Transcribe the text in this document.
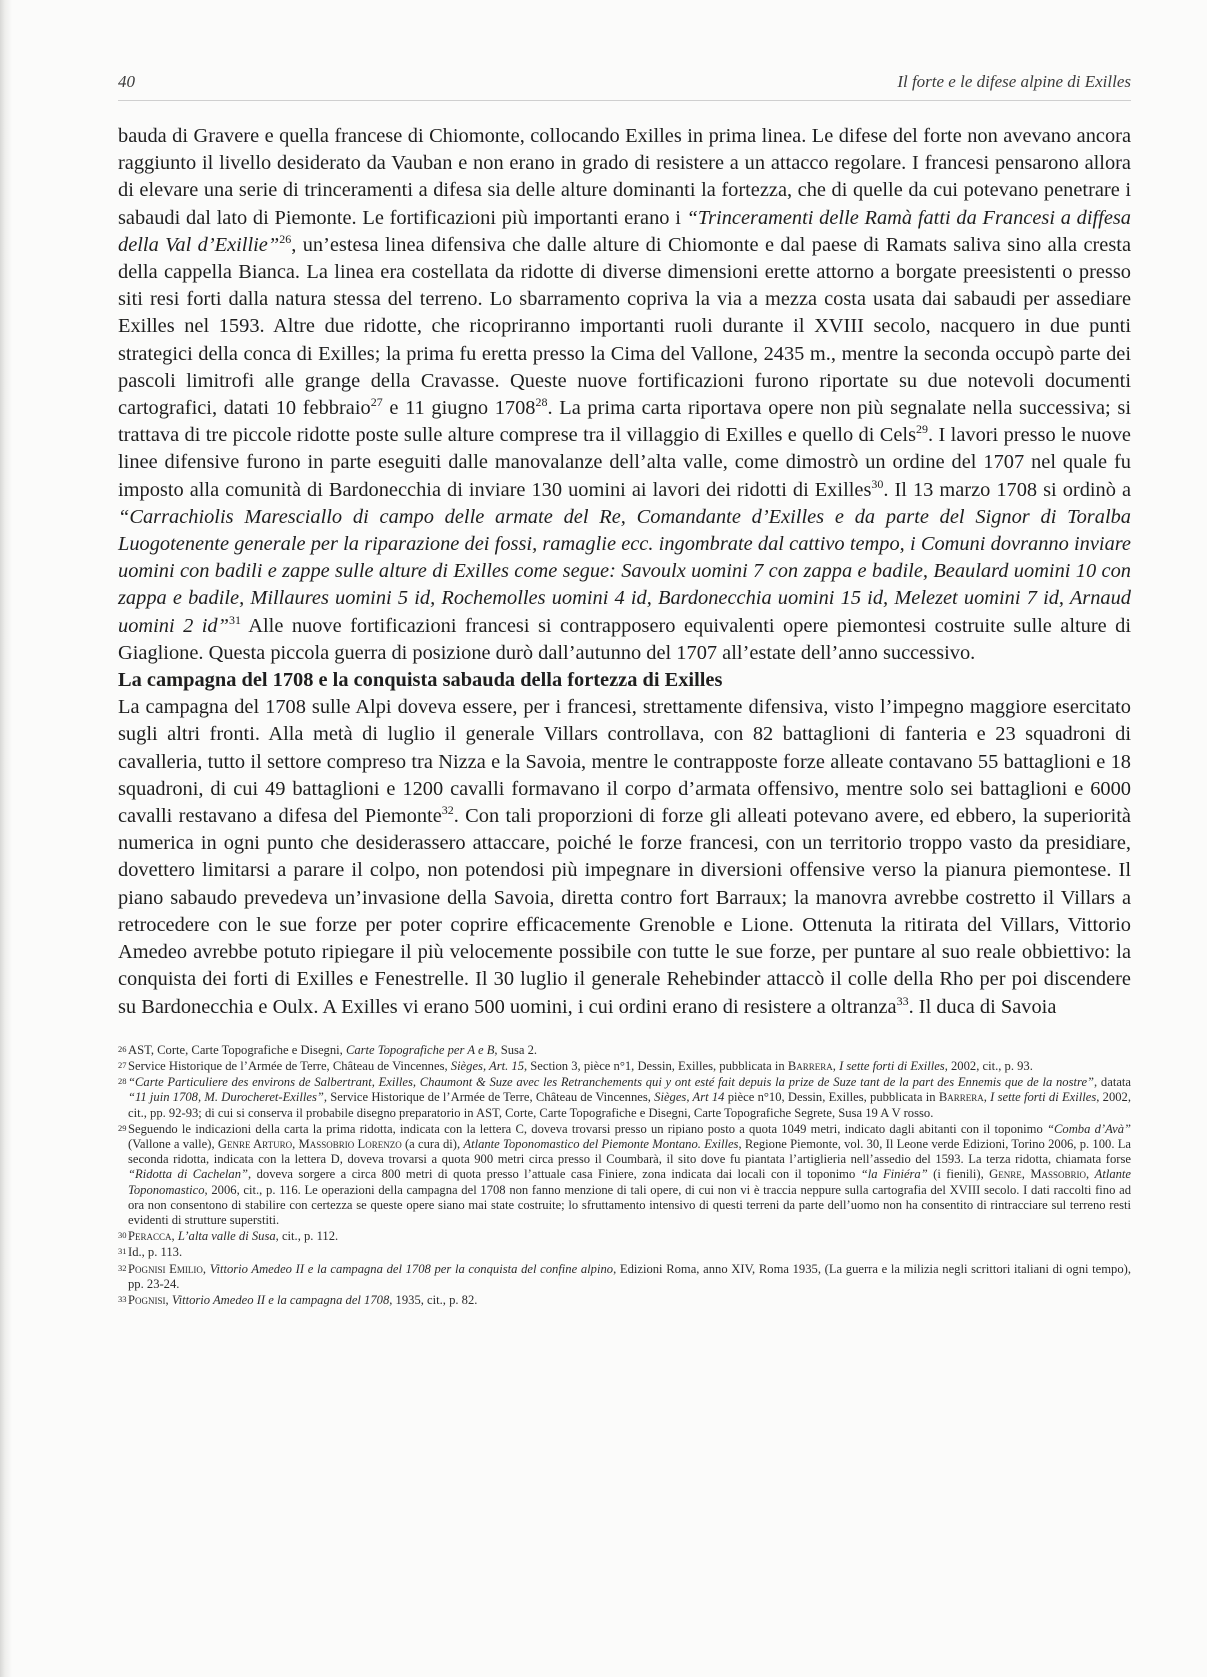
40	Il forte e le difese alpine di Exilles

bauda di Gravere e quella francese di Chiomonte, collocando Exilles in prima linea. Le difese del forte non avevano ancora raggiunto il livello desiderato da Vauban e non erano in grado di resistere a un attacco regolare. I francesi pensarono allora di elevare una serie di trinceramenti a difesa sia delle alture dominanti la fortezza, che di quelle da cui potevano penetrare i sabaudi dal lato di Piemonte. Le fortificazioni più importanti erano i “Trinceramenti delle Ramà fatti da Francesi a diffesa della Val d’Exillie”$^{26}$, un’estesa linea difensiva che dalle alture di Chiomonte e dal paese di Ramats saliva sino alla cresta della cappella Bianca. La linea era costellata da ridotte di diverse dimensioni erette attorno a borgate preesistenti o presso siti resi forti dalla natura stessa del terreno. Lo sbarramento copriva la via a mezza costa usata dai sabaudi per assediare Exilles nel 1593. Altre due ridotte, che ricopriranno importanti ruoli durante il XVIII secolo, nacquero in due punti strategici della conca di Exilles; la prima fu eretta presso la Cima del Vallone, 2435 m., mentre la seconda occupò parte dei pascoli limitrofi alle grange della Cravasse. Queste nuove fortificazioni furono riportate su due notevoli documenti cartografici, datati 10 febbraio$^{27}$ e 11 giugno 1708$^{28}$. La prima carta riportava opere non più segnalate nella successiva; si trattava di tre piccole ridotte poste sulle alture comprese tra il villaggio di Exilles e quello di Cels$^{29}$. I lavori presso le nuove linee difensive furono in parte eseguiti dalle manovalanze dell’alta valle, come dimostrò un ordine del 1707 nel quale fu imposto alla comunità di Bardonecchia di inviare 130 uomini ai lavori dei ridotti di Exilles$^{30}$. Il 13 marzo 1708 si ordinò a “Carrachiolis Maresciallo di campo delle armate del Re, Comandante d’Exilles e da parte del Signor di Toralba Luogotenente generale per la riparazione dei fossi, ramaglie ecc. ingombrate dal cattivo tempo, i Comuni dovranno inviare uomini con badili e zappe sulle alture di Exilles come segue: Savoulx uomini 7 con zappa e badile, Beaulard uomini 10 con zappa e badile, Millaures uomini 5 id, Rochemolles uomini 4 id, Bardonecchia uomini 15 id, Melezet uomini 7 id, Arnaud uomini 2 id”$^{31}$ Alle nuove fortificazioni francesi si contrapposero equivalenti opere piemontesi costruite sulle alture di Giaglione. Questa piccola guerra di posizione durò dall’autunno del 1707 all’estate dell’anno successivo.

La campagna del 1708 e la conquista sabauda della fortezza di Exilles

La campagna del 1708 sulle Alpi doveva essere, per i francesi, strettamente difensiva, visto l’impegno maggiore esercitato sugli altri fronti. Alla metà di luglio il generale Villars controllava, con 82 battaglioni di fanteria e 23 squadroni di cavalleria, tutto il settore compreso tra Nizza e la Savoia, mentre le contrapposte forze alleate contavano 55 battaglioni e 18 squadroni, di cui 49 battaglioni e 1200 cavalli formavano il corpo d’armata offensivo, mentre solo sei battaglioni e 6000 cavalli restavano a difesa del Piemonte$^{32}$. Con tali proporzioni di forze gli alleati potevano avere, ed ebbero, la superiorità numerica in ogni punto che desiderassero attaccare, poiché le forze francesi, con un territorio troppo vasto da presidiare, dovettero limitarsi a parare il colpo, non potendosi più impegnare in diversioni offensive verso la pianura piemontese. Il piano sabaudo prevedeva un’invasione della Savoia, diretta contro fort Barraux; la manovra avrebbe costretto il Villars a retrocedere con le sue forze per poter coprire efficacemente Grenoble e Lione. Ottenuta la ritirata del Villars, Vittorio Amedeo avrebbe potuto ripiegare il più velocemente possibile con tutte le sue forze, per puntare al suo reale obbiettivo: la conquista dei forti di Exilles e Fenestrelle. Il 30 luglio il generale Rehebinder attaccò il colle della Rho per poi discendere su Bardonecchia e Oulx. A Exilles vi erano 500 uomini, i cui ordini erano di resistere a oltranza$^{33}$. Il duca di Savoia

26 AST, Corte, Carte Topografiche e Disegni, Carte Topografiche per A e B, Susa 2.
27 Service Historique de l’Armée de Terre, Château de Vincennes, Sièges, Art. 15, Section 3, pièce n°1, Dessin, Exilles, pubblicata in Barrera, I sette forti di Exilles, 2002, cit., p. 93.
28 “Carte Particuliere des environs de Salbertrant, Exilles, Chaumont & Suze avec les Retranchements qui y ont esté fait depuis la prize de Suze tant de la part des Ennemis que de la nostre”, datata “11 juin 1708, M. Durocheret-Exilles”, Service Historique de l’Armée de Terre, Château de Vincennes, Sièges, Art 14 pièce n°10, Dessin, Exilles, pubblicata in Barrera, I sette forti di Exilles, 2002, cit., pp. 92-93; di cui si conserva il probabile disegno preparatorio in AST, Corte, Carte Topografiche e Disegni, Carte Topografiche Segrete, Susa 19 A V rosso.
29 Seguendo le indicazioni della carta la prima ridotta, indicata con la lettera C, doveva trovarsi presso un ripiano posto a quota 1049 metri, indicato dagli abitanti con il toponimo “Comba d’Avà” (Vallone a valle), Genre Arturo, Massobrio Lorenzo (a cura di), Atlante Toponomastico del Piemonte Montano. Exilles, Regione Piemonte, vol. 30, Il Leone verde Edizioni, Torino 2006, p. 100. La seconda ridotta, indicata con la lettera D, doveva trovarsi a quota 900 metri circa presso il Coumbarà, il sito dove fu piantata l’artiglieria nell’assedio del 1593. La terza ridotta, chiamata forse “Ridotta di Cachelan”, doveva sorgere a circa 800 metri di quota presso l’attuale casa Finiere, zona indicata dai locali con il toponimo “la Finiéra” (i fienili), Genre, Massobrio, Atlante Toponomastico, 2006, cit., p. 116. Le operazioni della campagna del 1708 non fanno menzione di tali opere, di cui non vi è traccia neppure sulla cartografia del XVIII secolo. I dati raccolti fino ad ora non consentono di stabilire con certezza se queste opere siano mai state costruite; lo sfruttamento intensivo di questi terreni da parte dell’uomo non ha consentito di rintracciare sul terreno resti evidenti di strutture superstiti.
30 Peracca, L’alta valle di Susa, cit., p. 112.
31 Id., p. 113.
32 Pognisi Emilio, Vittorio Amedeo II e la campagna del 1708 per la conquista del confine alpino, Edizioni Roma, anno XIV, Roma 1935, (La guerra e la milizia negli scrittori italiani di ogni tempo), pp. 23-24.
33 Pognisi, Vittorio Amedeo II e la campagna del 1708, 1935, cit., p. 82.
